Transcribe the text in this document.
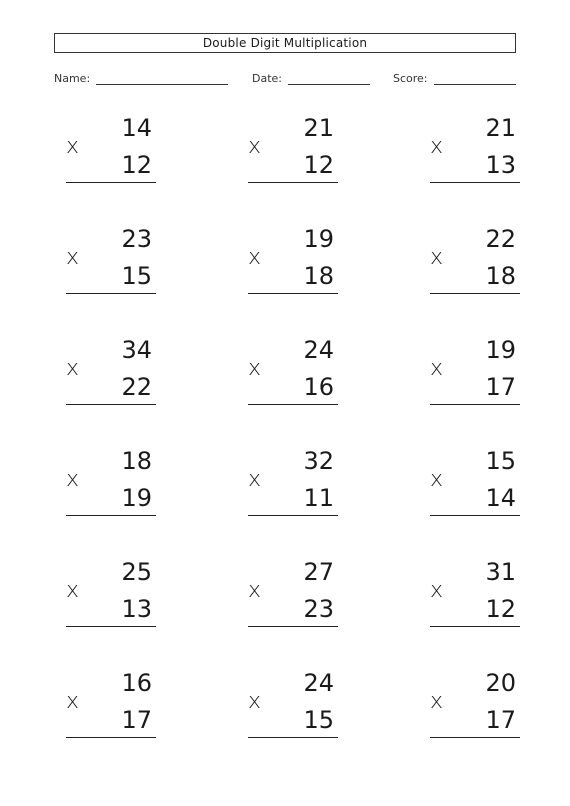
Double Digit Multiplication
Name:	Date:	Score:
x
14
12
x
21
12
x
21
13
x
23
15
x
19
18
x
22
18
x
34
22
x
24
16
x
19
17
x
18
19
x
32
11
x
15
14
x
25
13
x
27
23
x
31
12
x
16
17
x
24
15
x
20
17
